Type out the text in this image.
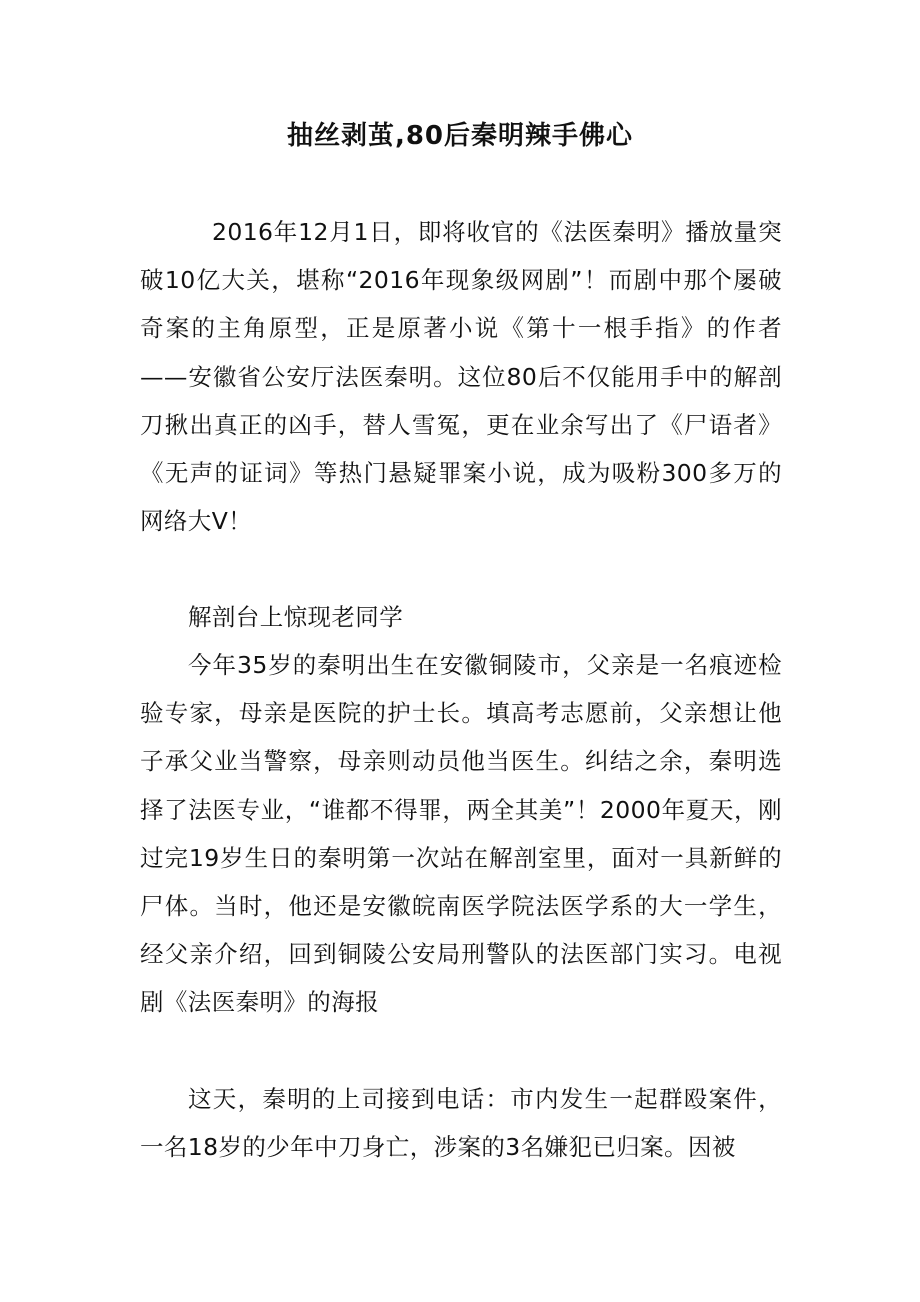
抽丝剥茧,80后秦明辣手佛心

2016年12月1日，即将收官的《法医秦明》播放量突破10亿大关，堪称“2016年现象级网剧”！而剧中那个屡破奇案的主角原型，正是原著小说《第十一根手指》的作者——安徽省公安厅法医秦明。这位80后不仅能用手中的解剖刀揪出真正的凶手，替人雪冤，更在业余写出了《尸语者》《无声的证词》等热门悬疑罪案小说，成为吸粉300多万的网络大V！

解剖台上惊现老同学

今年35岁的秦明出生在安徽铜陵市，父亲是一名痕迹检验专家，母亲是医院的护士长。填高考志愿前，父亲想让他子承父业当警察，母亲则动员他当医生。纠结之余，秦明选择了法医专业，“谁都不得罪，两全其美”！2000年夏天，刚过完19岁生日的秦明第一次站在解剖室里，面对一具新鲜的尸体。当时，他还是安徽皖南医学院法医学系的大一学生，经父亲介绍，回到铜陵公安局刑警队的法医部门实习。电视剧《法医秦明》的海报

这天，秦明的上司接到电话：市内发生一起群殴案件，一名18岁的少年中刀身亡，涉案的3名嫌犯已归案。因被
